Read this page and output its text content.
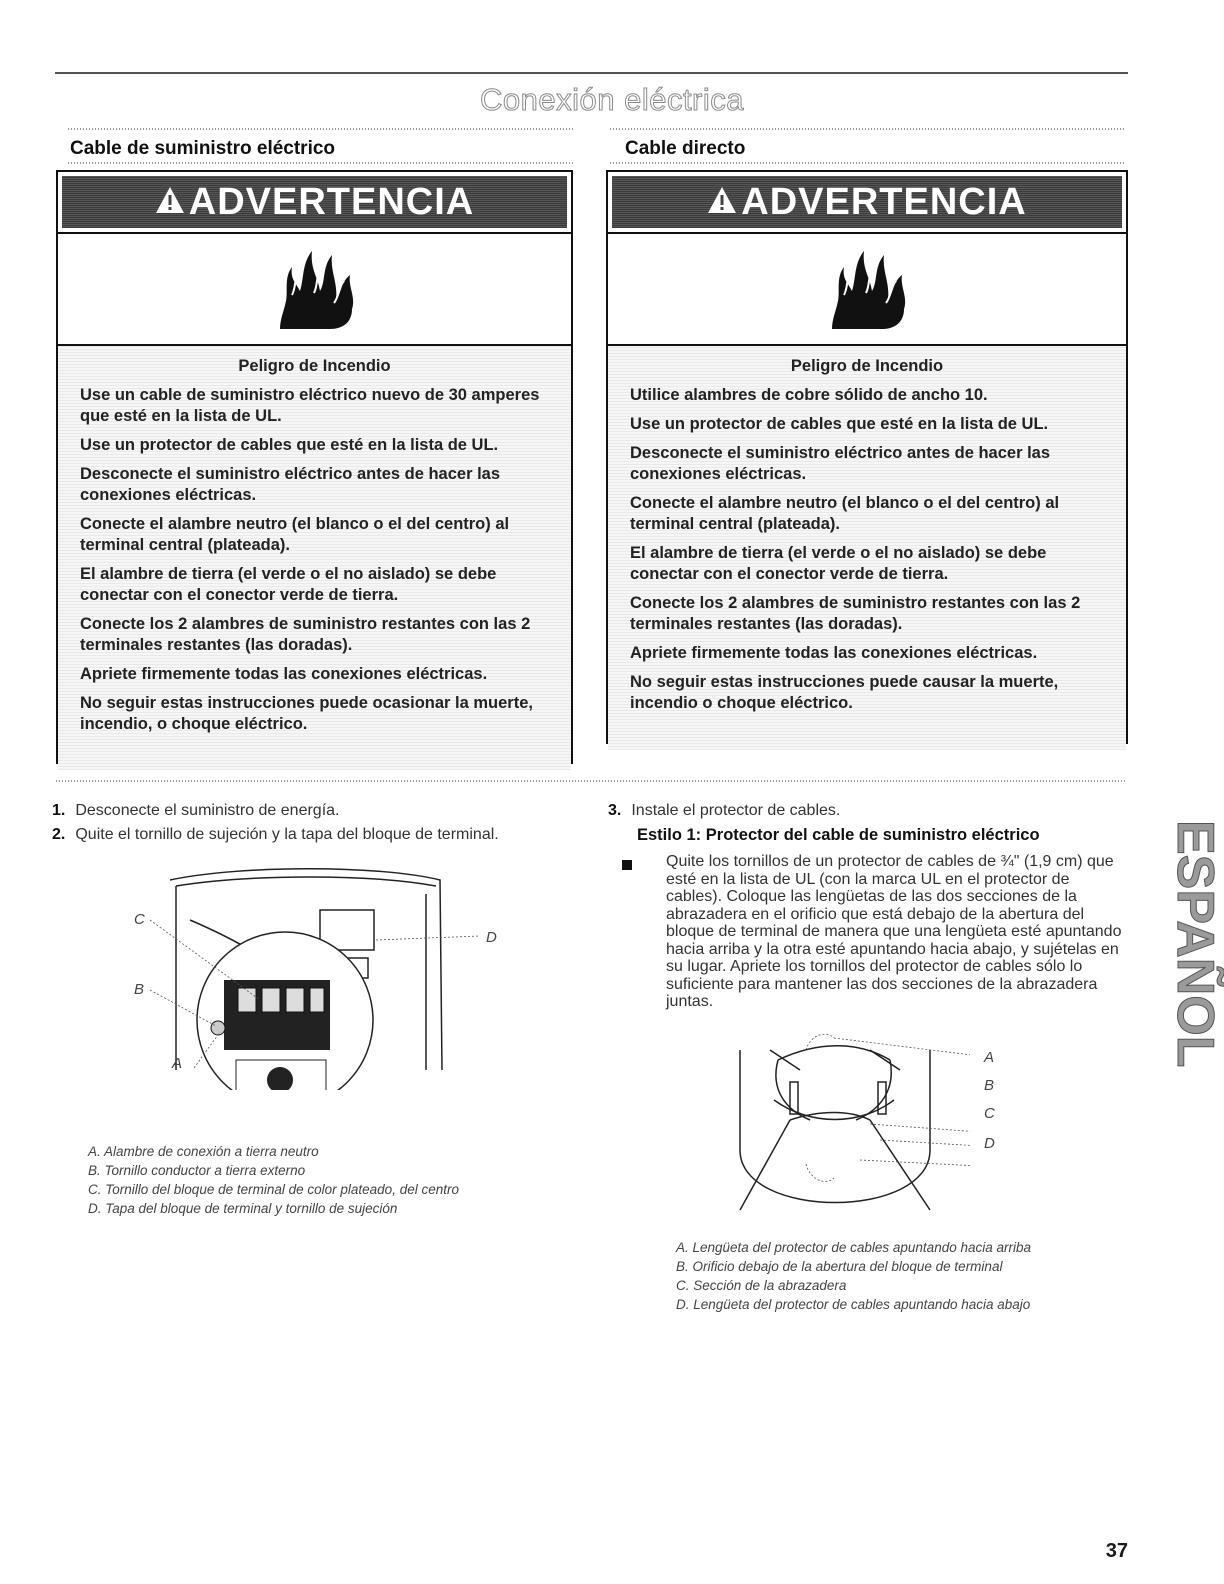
Conexión eléctrica
Cable de suministro eléctrico	Cable directo
ADVERTENCIA
Peligro de Incendio

Use un cable de suministro eléctrico nuevo de 30 amperes que esté en la lista de UL.

Use un protector de cables que esté en la lista de UL.

Desconecte el suministro eléctrico antes de hacer las conexiones eléctricas.

Conecte el alambre neutro (el blanco o el del centro) al terminal central (plateada).

El alambre de tierra (el verde o el no aislado) se debe conectar con el conector verde de tierra.

Conecte los 2 alambres de suministro restantes con las 2 terminales restantes (las doradas).

Apriete firmemente todas las conexiones eléctricas.

No seguir estas instrucciones puede ocasionar la muerte, incendio, o choque eléctrico.

ADVERTENCIA
Peligro de Incendio

Utilice alambres de cobre sólido de ancho 10.

Use un protector de cables que esté en la lista de UL.

Desconecte el suministro eléctrico antes de hacer las conexiones eléctricas.

Conecte el alambre neutro (el blanco o el del centro) al terminal central (plateada).

El alambre de tierra (el verde o el no aislado) se debe conectar con el conector verde de tierra.

Conecte los 2 alambres de suministro restantes con las 2 terminales restantes (las doradas).

Apriete firmemente todas las conexiones eléctricas.

No seguir estas instrucciones puede causar la muerte, incendio o choque eléctrico.

1. Desconecte el suministro de energía.
2. Quite el tornillo de sujeción y la tapa del bloque de terminal.
C
B
A
D
A. Alambre de conexión a tierra neutro
B. Tornillo conductor a tierra externo
C. Tornillo del bloque de terminal de color plateado, del centro
D. Tapa del bloque de terminal y tornillo de sujeción
3. Instale el protector de cables.
Estilo 1: Protector del cable de suministro eléctrico
Quite los tornillos de un protector de cables de ¾" (1,9 cm) que esté en la lista de UL (con la marca UL en el protector de cables). Coloque las lengüetas de las dos secciones de la abrazadera en el orificio que está debajo de la abertura del bloque de terminal de manera que una lengüeta esté apuntando hacia arriba y la otra esté apuntando hacia abajo, y sujételas en su lugar. Apriete los tornillos del protector de cables sólo lo suficiente para mantener las dos secciones de la abrazadera juntas.
A
B
C
D
A. Lengüeta del protector de cables apuntando hacia arriba
B. Orificio debajo de la abertura del bloque de terminal
C. Sección de la abrazadera
D. Lengüeta del protector de cables apuntando hacia abajo
ESPAÑOL
37
